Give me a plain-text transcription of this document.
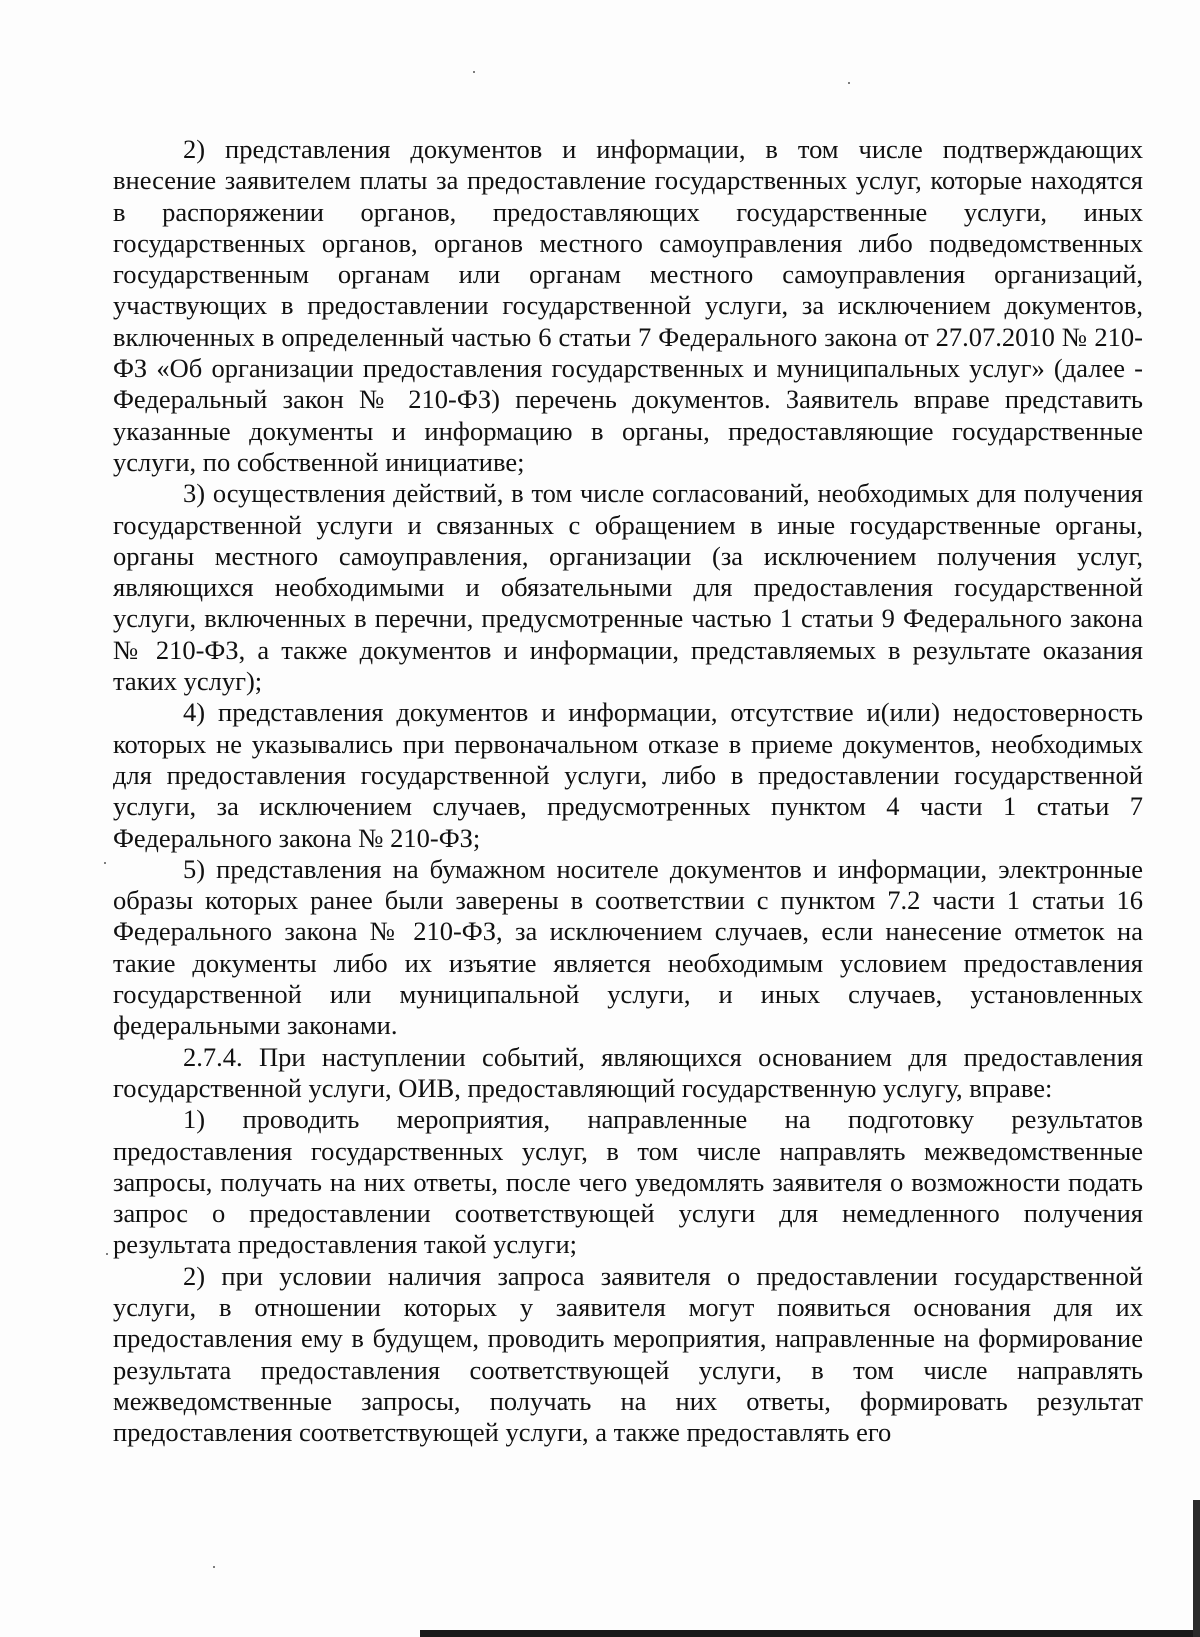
2) представления документов и информации, в том числе подтверждающих внесение заявителем платы за предоставление государственных услуг, которые находятся в распоряжении органов, предоставляющих государственные услуги, иных государственных органов, органов местного самоуправления либо подведомственных государственным органам или органам местного самоуправления организаций, участвующих в предоставлении государственной услуги, за исключением документов, включенных в определенный частью 6 статьи 7 Федерального закона от 27.07.2010 № 210-ФЗ «Об организации предоставления государственных и муниципальных услуг» (далее - Федеральный закон № 210-ФЗ) перечень документов. Заявитель вправе представить указанные документы и информацию в органы, предоставляющие государственные услуги, по собственной инициативе;

3) осуществления действий, в том числе согласований, необходимых для получения государственной услуги и связанных с обращением в иные государственные органы, органы местного самоуправления, организации (за исключением получения услуг, являющихся необходимыми и обязательными для предоставления государственной услуги, включенных в перечни, предусмотренные частью 1 статьи 9 Федерального закона № 210-ФЗ, а также документов и информации, представляемых в результате оказания таких услуг);

4) представления документов и информации, отсутствие и(или) недостоверность которых не указывались при первоначальном отказе в приеме документов, необходимых для предоставления государственной услуги, либо в предоставлении государственной услуги, за исключением случаев, предусмотренных пунктом 4 части 1 статьи 7 Федерального закона № 210-ФЗ;

5) представления на бумажном носителе документов и информации, электронные образы которых ранее были заверены в соответствии с пунктом 7.2 части 1 статьи 16 Федерального закона № 210-ФЗ, за исключением случаев, если нанесение отметок на такие документы либо их изъятие является необходимым условием предоставления государственной или муниципальной услуги, и иных случаев, установленных федеральными законами.

2.7.4. При наступлении событий, являющихся основанием для предоставления государственной услуги, ОИВ, предоставляющий государственную услугу, вправе:

1) проводить мероприятия, направленные на подготовку результатов предоставления государственных услуг, в том числе направлять межведомственные запросы, получать на них ответы, после чего уведомлять заявителя о возможности подать запрос о предоставлении соответствующей услуги для немедленного получения результата предоставления такой услуги;

2) при условии наличия запроса заявителя о предоставлении государственной услуги, в отношении которых у заявителя могут появиться основания для их предоставления ему в будущем, проводить мероприятия, направленные на формирование результата предоставления соответствующей услуги, в том числе направлять межведомственные запросы, получать на них ответы, формировать результат предоставления соответствующей услуги, а также предоставлять его
